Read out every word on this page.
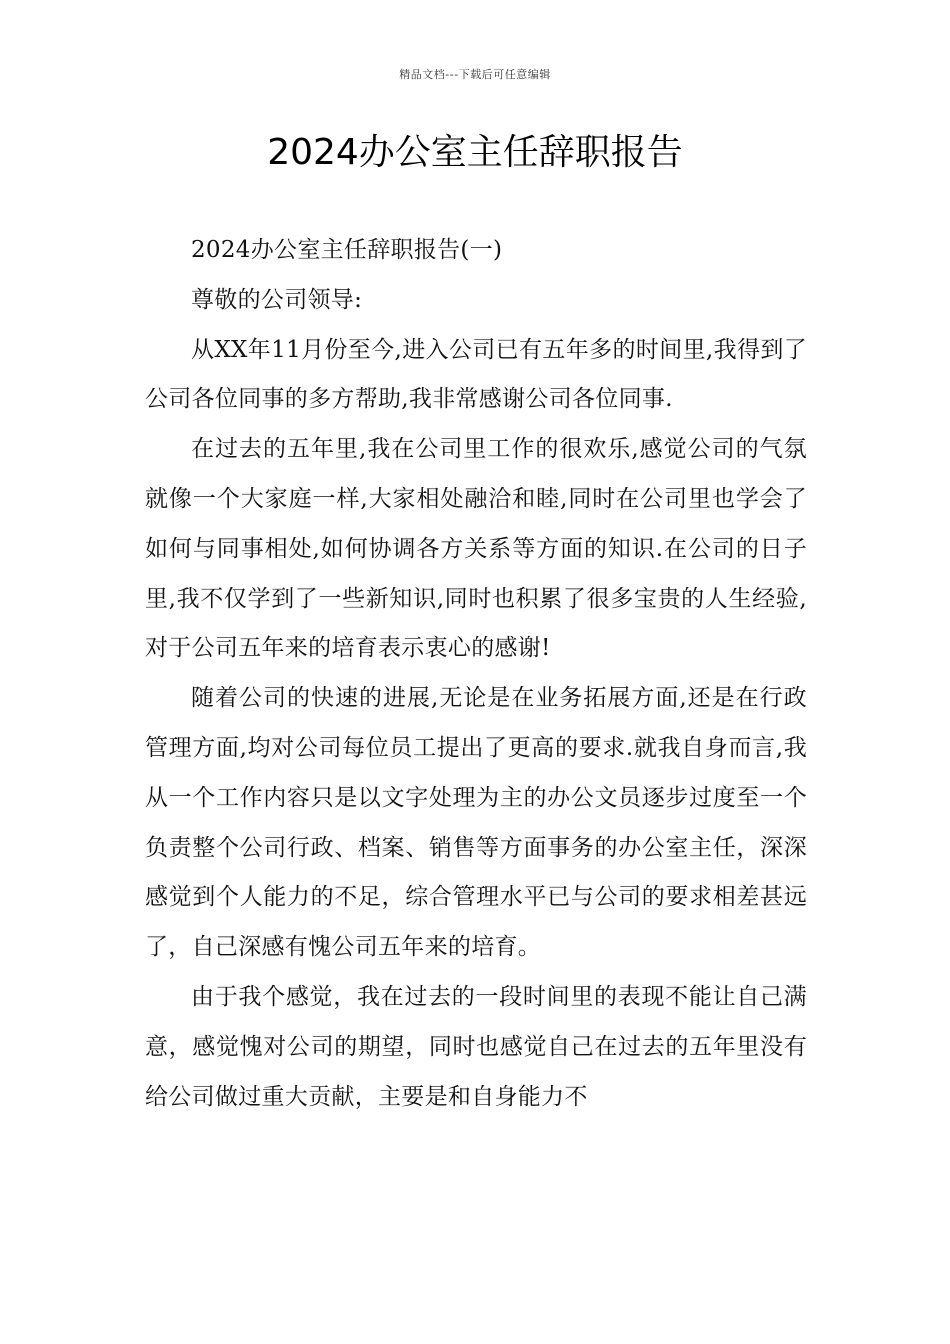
精品文档---下载后可任意编辑
2024办公室主任辞职报告

2024办公室主任辞职报告(一)

尊敬的公司领导:

从XX年11月份至今,进入公司已有五年多的时间里,我得到了公司各位同事的多方帮助,我非常感谢公司各位同事.

在过去的五年里,我在公司里工作的很欢乐,感觉公司的气氛就像一个大家庭一样,大家相处融洽和睦,同时在公司里也学会了如何与同事相处,如何协调各方关系等方面的知识.在公司的日子里,我不仅学到了一些新知识,同时也积累了很多宝贵的人生经验,对于公司五年来的培育表示衷心的感谢!

随着公司的快速的进展,无论是在业务拓展方面,还是在行政管理方面,均对公司每位员工提出了更高的要求.就我自身而言,我从一个工作内容只是以文字处理为主的办公文员逐步过度至一个负责整个公司行政、档案、销售等方面事务的办公室主任，深深感觉到个人能力的不足，综合管理水平已与公司的要求相差甚远了，自己深感有愧公司五年来的培育。

由于我个感觉，我在过去的一段时间里的表现不能让自己满意，感觉愧对公司的期望，同时也感觉自己在过去的五年里没有给公司做过重大贡献，主要是和自身能力不
